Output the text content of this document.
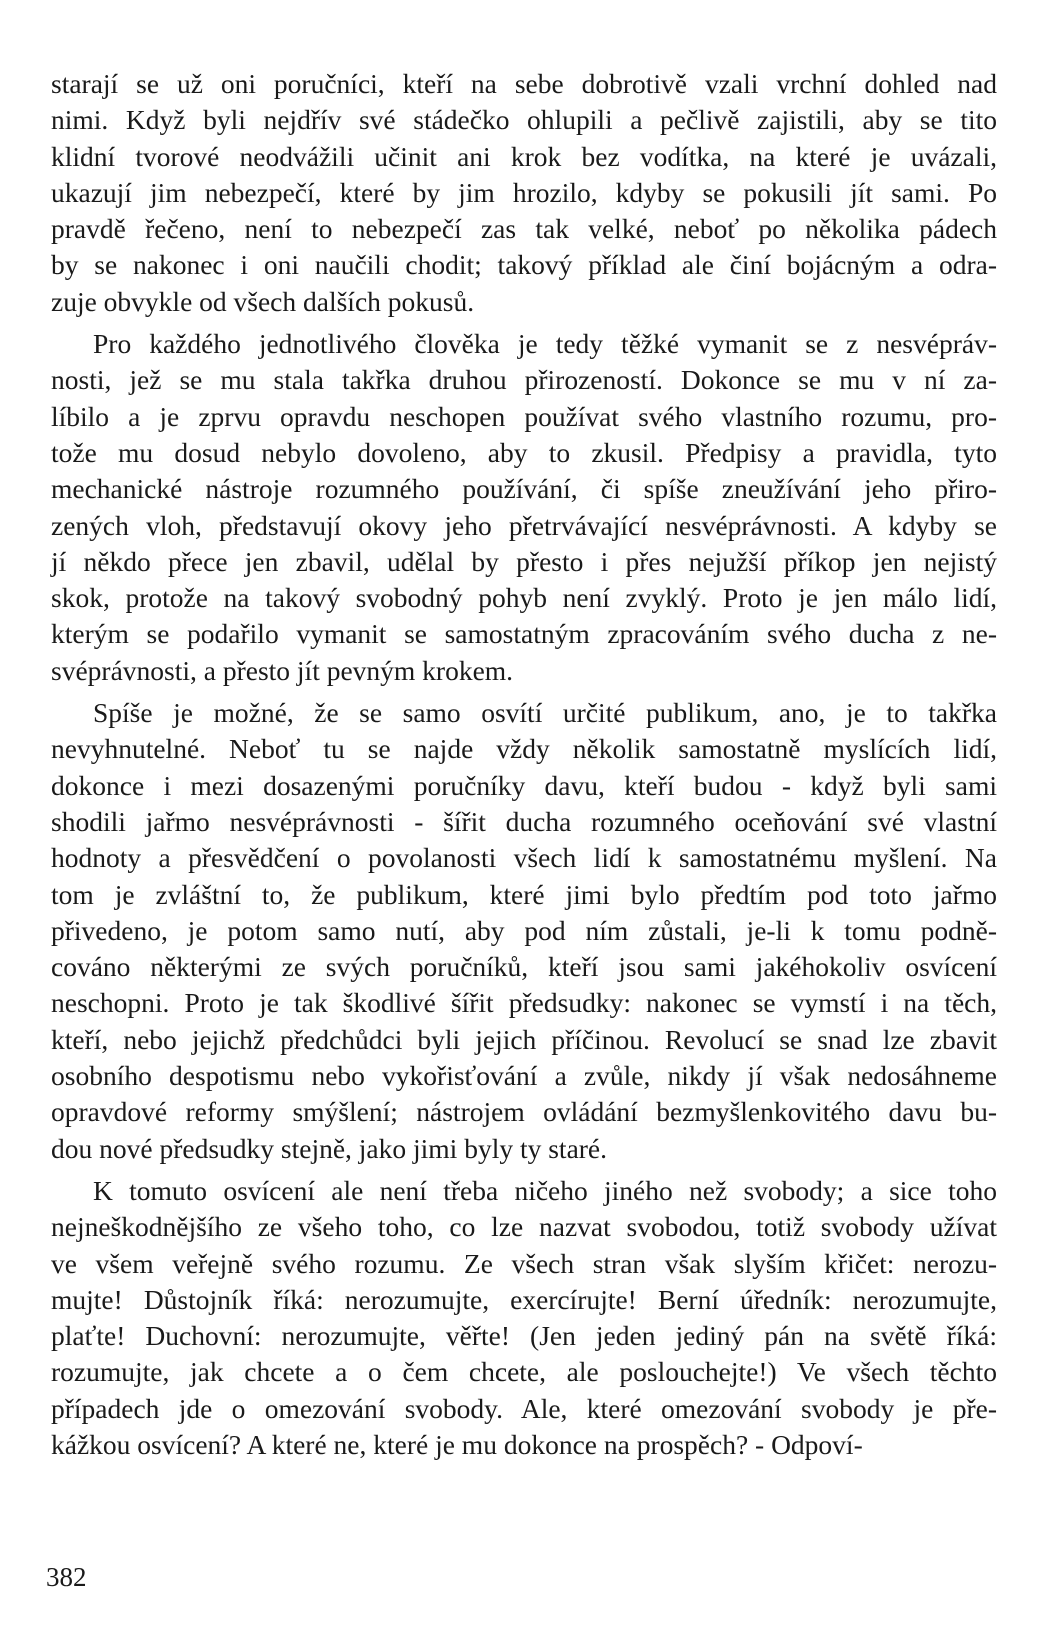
starají se už oni poručníci, kteří na sebe dobrotivě vzali vrchní dohled nad
nimi. Když byli nejdřív své stádečko ohlupili a pečlivě zajistili, aby se tito
klidní tvorové neodvážili učinit ani krok bez vodítka, na které je uvázali,
ukazují jim nebezpečí, které by jim hrozilo, kdyby se pokusili jít sami. Po
pravdě řečeno, není to nebezpečí zas tak velké, neboť po několika pádech
by se nakonec i oni naučili chodit; takový příklad ale činí bojácným a odra-
zuje obvykle od všech dalších pokusů.
Pro každého jednotlivého člověka je tedy těžké vymanit se z nesvépráv-
nosti, jež se mu stala takřka druhou přirozeností. Dokonce se mu v ní za-
líbilo a je zprvu opravdu neschopen používat svého vlastního rozumu, pro-
tože mu dosud nebylo dovoleno, aby to zkusil. Předpisy a pravidla, tyto
mechanické nástroje rozumného používání, či spíše zneužívání jeho přiro-
zených vloh, představují okovy jeho přetrvávající nesvéprávnosti. A kdyby se
jí někdo přece jen zbavil, udělal by přesto i přes nejužší příkop jen nejistý
skok, protože na takový svobodný pohyb není zvyklý. Proto je jen málo lidí,
kterým se podařilo vymanit se samostatným zpracováním svého ducha z ne-
svéprávnosti, a přesto jít pevným krokem.
Spíše je možné, že se samo osvítí určité publikum, ano, je to takřka
nevyhnutelné. Neboť tu se najde vždy několik samostatně myslících lidí,
dokonce i mezi dosazenými poručníky davu, kteří budou - když byli sami
shodili jařmo nesvéprávnosti - šířit ducha rozumného oceňování své vlastní
hodnoty a přesvědčení o povolanosti všech lidí k samostatnému myšlení. Na
tom je zvláštní to, že publikum, které jimi bylo předtím pod toto jařmo
přivedeno, je potom samo nutí, aby pod ním zůstali, je-li k tomu podně-
cováno některými ze svých poručníků, kteří jsou sami jakéhokoliv osvícení
neschopni. Proto je tak škodlivé šířit předsudky: nakonec se vymstí i na těch,
kteří, nebo jejichž předchůdci byli jejich příčinou. Revolucí se snad lze zbavit
osobního despotismu nebo vykořisťování a zvůle, nikdy jí však nedosáhneme
opravdové reformy smýšlení; nástrojem ovládání bezmyšlenkovitého davu bu-
dou nové předsudky stejně, jako jimi byly ty staré.
K tomuto osvícení ale není třeba ničeho jiného než svobody; a sice toho
nejneškodnějšího ze všeho toho, co lze nazvat svobodou, totiž svobody užívat
ve všem veřejně svého rozumu. Ze všech stran však slyším křičet: nerozu-
mujte! Důstojník říká: nerozumujte, exercírujte! Berní úředník: nerozumujte,
plaťte! Duchovní: nerozumujte, věřte! (Jen jeden jediný pán na světě říká:
rozumujte, jak chcete a o čem chcete, ale poslouchejte!) Ve všech těchto
případech jde o omezování svobody. Ale, které omezování svobody je pře-
kážkou osvícení? A které ne, které je mu dokonce na prospěch? - Odpoví-
382
